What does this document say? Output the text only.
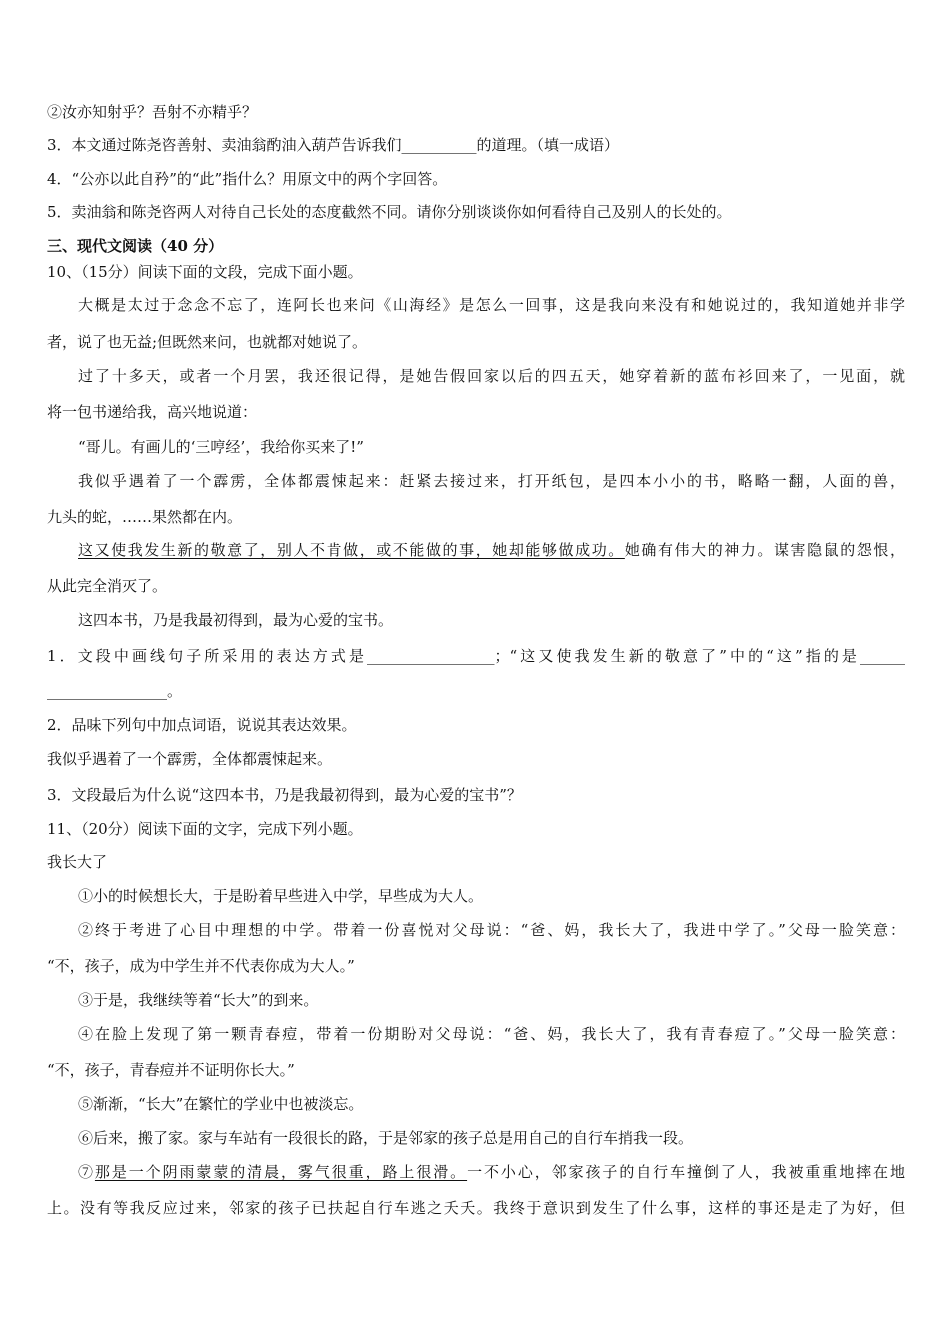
②汝亦知射乎？吾射不亦精乎？
3．本文通过陈尧咨善射、卖油翁酌油入葫芦告诉我们__________的道理。（填一成语）
4．“公亦以此自矜”的“此”指什么？用原文中的两个字回答。
5．卖油翁和陈尧咨两人对待自己长处的态度截然不同。请你分别谈谈你如何看待自己及别人的长处的。
三、现代文阅读（40 分）
10、（15分）间读下面的文段，完成下面小题。
大概是太过于念念不忘了，连阿长也来问《山海经》是怎么一回事，这是我向来没有和她说过的，我知道她并非学
者，说了也无益;但既然来问，也就都对她说了。
过了十多天，或者一个月罢，我还很记得，是她告假回家以后的四五天，她穿着新的蓝布衫回来了，一见面，就
将一包书递给我，高兴地说道：
“哥儿。有画儿的‘三哼经’，我给你买来了!”
我似乎遇着了一个霹雳，全体都震悚起来：赶紧去接过来，打开纸包，是四本小小的书，略略一翻，人面的兽，
九头的蛇，……果然都在内。
这又使我发生新的敬意了，别人不肯做，或不能做的事，她却能够做成功。她确有伟大的神力。谋害隐鼠的怨恨，
从此完全消灭了。
这四本书，乃是我最初得到，最为心爱的宝书。
1．文段中画线句子所采用的表达方式是_________________；“这又使我发生新的敬意了”中的“这”指的是______
________________。
2．品味下列句中加点词语，说说其表达效果。
我似乎遇着了一个霹雳，全体都震悚起来。
3．文段最后为什么说“这四本书，乃是我最初得到，最为心爱的宝书”？
11、（20分）阅读下面的文字，完成下列小题。
我长大了
①小的时候想长大，于是盼着早些进入中学，早些成为大人。
②终于考进了心目中理想的中学。带着一份喜悦对父母说：“爸、妈，我长大了，我进中学了。”父母一脸笑意：
“不，孩子，成为中学生并不代表你成为大人。”
③于是，我继续等着“长大”的到来。
④在脸上发现了第一颗青春痘，带着一份期盼对父母说：“爸、妈，我长大了，我有青春痘了。”父母一脸笑意：
“不，孩子，青春痘并不证明你长大。”
⑤渐渐，“长大”在繁忙的学业中也被淡忘。
⑥后来，搬了家。家与车站有一段很长的路，于是邻家的孩子总是用自己的自行车捎我一段。
⑦那是一个阴雨蒙蒙的清晨，雾气很重，路上很滑。一不小心，邻家孩子的自行车撞倒了人，我被重重地摔在地
上。没有等我反应过来，邻家的孩子已扶起自行车逃之夭夭。我终于意识到发生了什么事，这样的事还是走了为好，但
